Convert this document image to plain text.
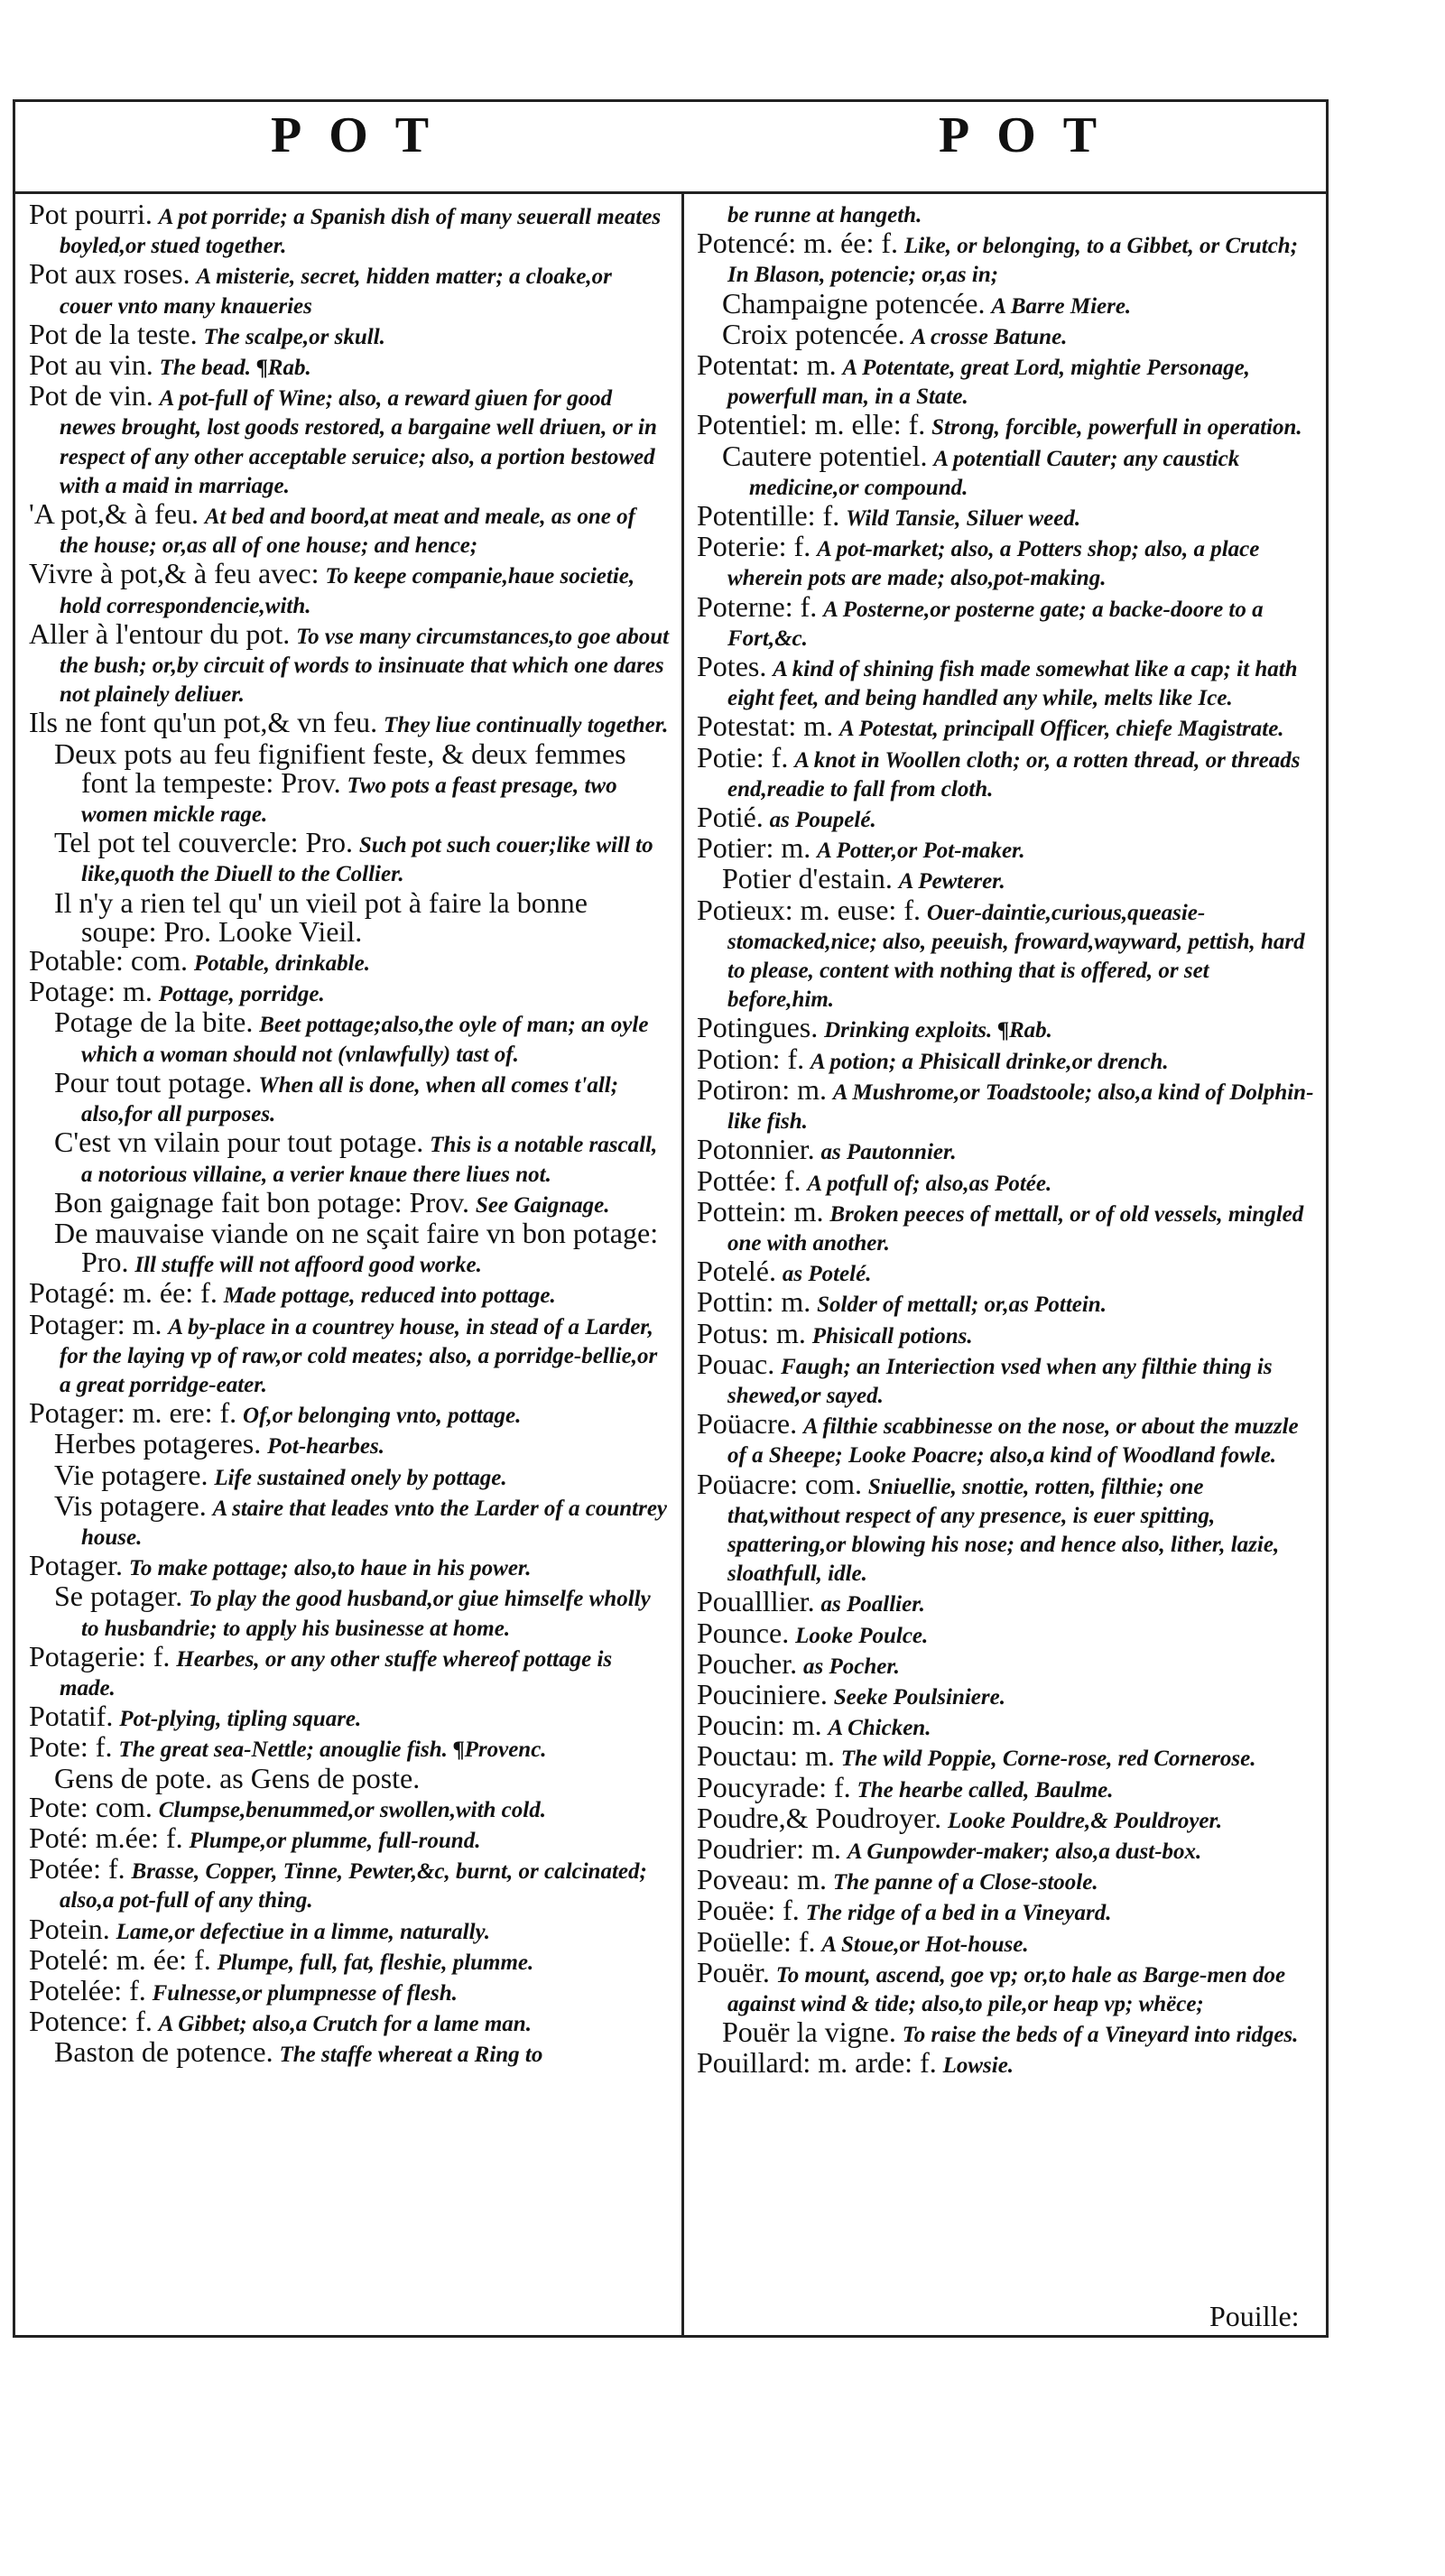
POT	POT

Pot pourri. A pot porride; a Spanish dish of many seuerall meates boyled,or stued together.

Pot aux roses. A misterie, secret, hidden matter; a cloake,or couer vnto many knaueries

Pot de la teste. The scalpe,or skull.

Pot au vin. The bead. ¶Rab.

Pot de vin. A pot-full of Wine; also, a reward giuen for good newes brought, lost goods restored, a bargaine well driuen, or in respect of any other acceptable seruice; also, a portion bestowed with a maid in marriage.

'A pot,& à feu. At bed and boord,at meat and meale, as one of the house; or,as all of one house; and hence;

Vivre à pot,& à feu avec: To keepe companie,haue societie, hold correspondencie,with.

Aller à l'entour du pot. To vse many circumstances,to goe about the bush; or,by circuit of words to insinuate that which one dares not plainely deliuer.

Ils ne font qu'un pot,& vn feu. They liue continually together.

Deux pots au feu fignifient feste, & deux femmes font la tempeste: Prov. Two pots a feast presage, two women mickle rage.

Tel pot tel couvercle: Pro. Such pot such couer;like will to like,quoth the Diuell to the Collier.

Il n'y a rien tel qu' un vieil pot à faire la bonne soupe: Pro. Looke Vieil.

Potable: com. Potable, drinkable.

Potage: m. Pottage, porridge.

Potage de la bite. Beet pottage;also,the oyle of man; an oyle which a woman should not (vnlawfully) tast of.

Pour tout potage. When all is done, when all comes t'all; also,for all purposes.

C'est vn vilain pour tout potage. This is a notable rascall, a notorious villaine, a verier knaue there liues not.

Bon gaignage fait bon potage: Prov. See Gaignage.

De mauvaise viande on ne sçait faire vn bon potage: Pro. Ill stuffe will not affoord good worke.

Potagé: m. ée: f. Made pottage, reduced into pottage.

Potager: m. A by-place in a countrey house, in stead of a Larder, for the laying vp of raw,or cold meates; also, a porridge-bellie,or a great porridge-eater.

Potager: m. ere: f. Of,or belonging vnto, pottage.

Herbes potageres. Pot-hearbes.

Vie potagere. Life sustained onely by pottage.

Vis potagere. A staire that leades vnto the Larder of a countrey house.

Potager. To make pottage; also,to haue in his power.

Se potager. To play the good husband,or giue himselfe wholly to husbandrie; to apply his businesse at home.

Potagerie: f. Hearbes, or any other stuffe whereof pottage is made.

Potatif. Pot-plying, tipling square.

Pote: f. The great sea-Nettle; anouglie fish. ¶Provenc.

Gens de pote. as Gens de poste.

Pote: com. Clumpse,benummed,or swollen,with cold.

Poté: m.ée: f. Plumpe,or plumme, full-round.

Potée: f. Brasse, Copper, Tinne, Pewter,&c, burnt, or calcinated; also,a pot-full of any thing.

Potein. Lame,or defectiue in a limme, naturally.

Potelé: m. ée: f. Plumpe, full, fat, fleshie, plumme.

Potelée: f. Fulnesse,or plumpnesse of flesh.

Potence: f. A Gibbet; also,a Crutch for a lame man.

Baston de potence. The staffe whereat a Ring to

be runne at hangeth.

Potencé: m. ée: f. Like, or belonging, to a Gibbet, or Crutch; In Blason, potencie; or,as in;

Champaigne potencée. A Barre Miere.

Croix potencée. A crosse Batune.

Potentat: m. A Potentate, great Lord, mightie Personage, powerfull man, in a State.

Potentiel: m. elle: f. Strong, forcible, powerfull in operation.

Cautere potentiel. A potentiall Cauter; any caustick medicine,or compound.

Potentille: f. Wild Tansie, Siluer weed.

Poterie: f. A pot-market; also, a Potters shop; also, a place wherein pots are made; also,pot-making.

Poterne: f. A Posterne,or posterne gate; a backe-doore to a Fort,&c.

Potes. A kind of shining fish made somewhat like a cap; it hath eight feet, and being handled any while, melts like Ice.

Potestat: m. A Potestat, principall Officer, chiefe Magistrate.

Potie: f. A knot in Woollen cloth; or, a rotten thread, or threads end,readie to fall from cloth.

Potié. as Poupelé.

Potier: m. A Potter,or Pot-maker.

Potier d'estain. A Pewterer.

Potieux: m. euse: f. Ouer-daintie,curious,queasie-stomacked,nice; also, peeuish, froward,wayward, pettish, hard to please, content with nothing that is offered, or set before,him.

Potingues. Drinking exploits. ¶Rab.

Potion: f. A potion; a Phisicall drinke,or drench.

Potiron: m. A Mushrome,or Toadstoole; also,a kind of Dolphin-like fish.

Potonnier. as Pautonnier.

Pottée: f. A potfull of; also,as Potée.

Pottein: m. Broken peeces of mettall, or of old vessels, mingled one with another.

Potelé. as Potelé.

Pottin: m. Solder of mettall; or,as Pottein.

Potus: m. Phisicall potions.

Pouac. Faugh; an Interiection vsed when any filthie thing is shewed,or sayed.

Poüacre. A filthie scabbinesse on the nose, or about the muzzle of a Sheepe; Looke Poacre; also,a kind of Woodland fowle.

Poüacre: com. Sniuellie, snottie, rotten, filthie; one that,without respect of any presence, is euer spitting, spattering,or blowing his nose; and hence also, lither, lazie, sloathfull, idle.

Poualllier. as Poallier.

Pounce. Looke Poulce.

Poucher. as Pocher.

Pouciniere. Seeke Poulsiniere.

Poucin: m. A Chicken.

Pouctau: m. The wild Poppie, Corne-rose, red Cornerose.

Poucyrade: f. The hearbe called, Baulme.

Poudre,& Poudroyer. Looke Pouldre,& Pouldroyer.

Poudrier: m. A Gunpowder-maker; also,a dust-box.

Poveau: m. The panne of a Close-stoole.

Pouëe: f. The ridge of a bed in a Vineyard.

Poüelle: f. A Stoue,or Hot-house.

Pouër. To mount, ascend, goe vp; or,to hale as Barge-men doe against wind & tide; also,to pile,or heap vp; whëce;

Pouër la vigne. To raise the beds of a Vineyard into ridges.

Pouillard: m. arde: f. Lowsie.

Pouille:
